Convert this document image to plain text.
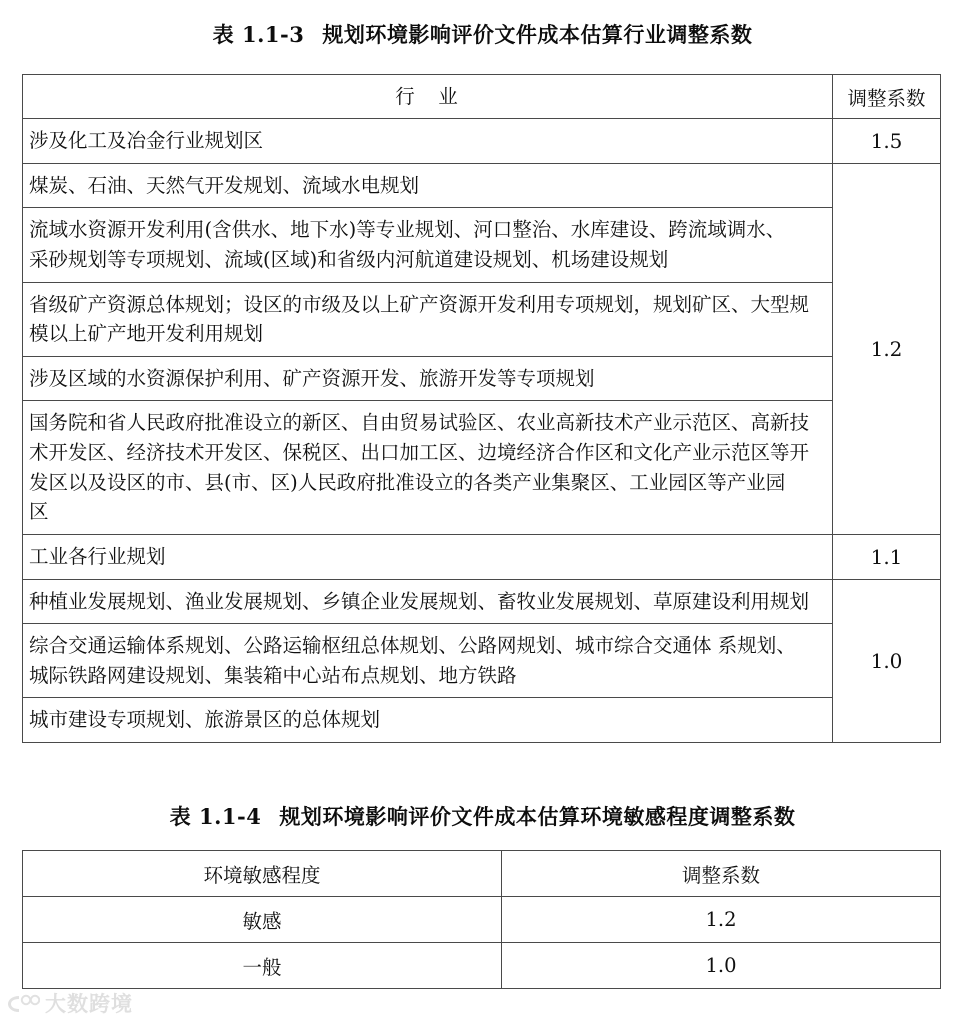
表 1.1-3 规划环境影响评价文件成本估算行业调整系数
行　业	调整系数

涉及化工及冶金行业规划区	1.5

煤炭、石油、天然气开发规划、流域水电规划	1.2

流域水资源开发利用(含供水、地下水)等专业规划、河口整治、水库建设、跨流域调水、
采砂规划等专项规划、流域(区域)和省级内河航道建设规划、机场建设规划	

省级矿产资源总体规划；设区的市级及以上矿产资源开发利用专项规划，规划矿区、大型规
模以上矿产地开发利用规划	

涉及区域的水资源保护利用、矿产资源开发、旅游开发等专项规划	

国务院和省人民政府批准设立的新区、自由贸易试验区、农业高新技术产业示范区、高新技
术开发区、经济技术开发区、保税区、出口加工区、边境经济合作区和文化产业示范区等开
发区以及设区的市、县(市、区)人民政府批准设立的各类产业集聚区、工业园区等产业园
区	

工业各行业规划	1.1

种植业发展规划、渔业发展规划、乡镇企业发展规划、畜牧业发展规划、草原建设利用规划	1.0

综合交通运输体系规划、公路运输枢纽总体规划、公路网规划、城市综合交通体 系规划、
城际铁路网建设规划、集装箱中心站布点规划、地方铁路	

城市建设专项规划、旅游景区的总体规划	
表 1.1-4 规划环境影响评价文件成本估算环境敏感程度调整系数
环境敏感程度	调整系数
敏感	1.2
一般	1.0
大数跨境
